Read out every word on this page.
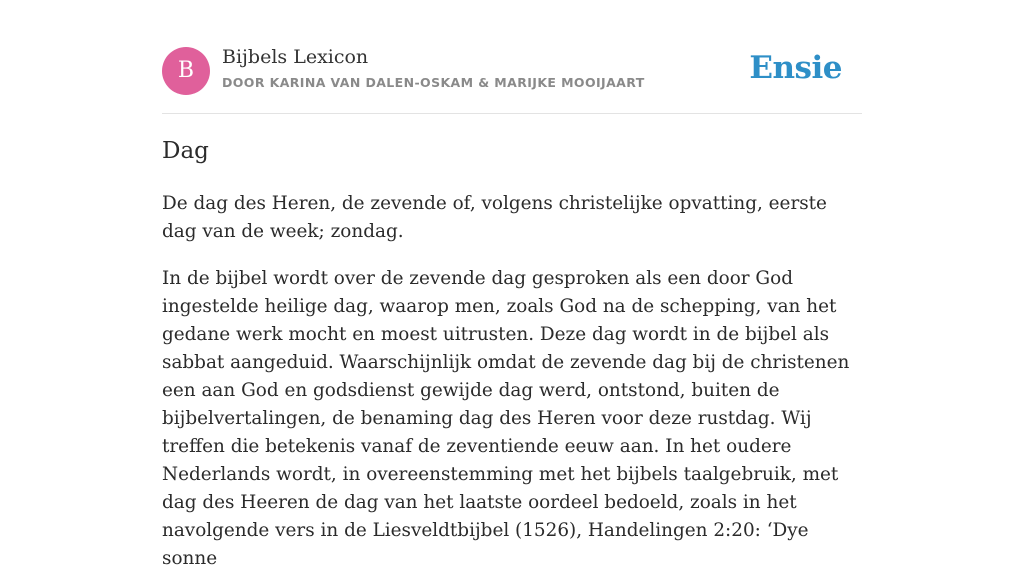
B
Bijbels Lexicon
DOOR KARINA VAN DALEN-OSKAM & MARIJKE MOOIJAART	Ensie
Dag

De dag des Heren, de zevende of, volgens christelijke opvatting, eerste dag van de week; zondag.

In de bijbel wordt over de zevende dag gesproken als een door God ingestelde heilige dag, waarop men, zoals God na de schepping, van het gedane werk mocht en moest uitrusten. Deze dag wordt in de bijbel als sabbat aangeduid. Waarschijnlijk omdat de zevende dag bij de christenen een aan God en godsdienst gewijde dag werd, ontstond, buiten de bijbelvertalingen, de benaming dag des Heren voor deze rustdag. Wij treffen die betekenis vanaf de zeventiende eeuw aan. In het oudere Nederlands wordt, in overeenstemming met het bijbels taalgebruik, met dag des Heeren de dag van het laatste oordeel bedoeld, zoals in het navolgende vers in de Liesveldtbijbel (1526), Handelingen 2:20: ‘Dye sonne
